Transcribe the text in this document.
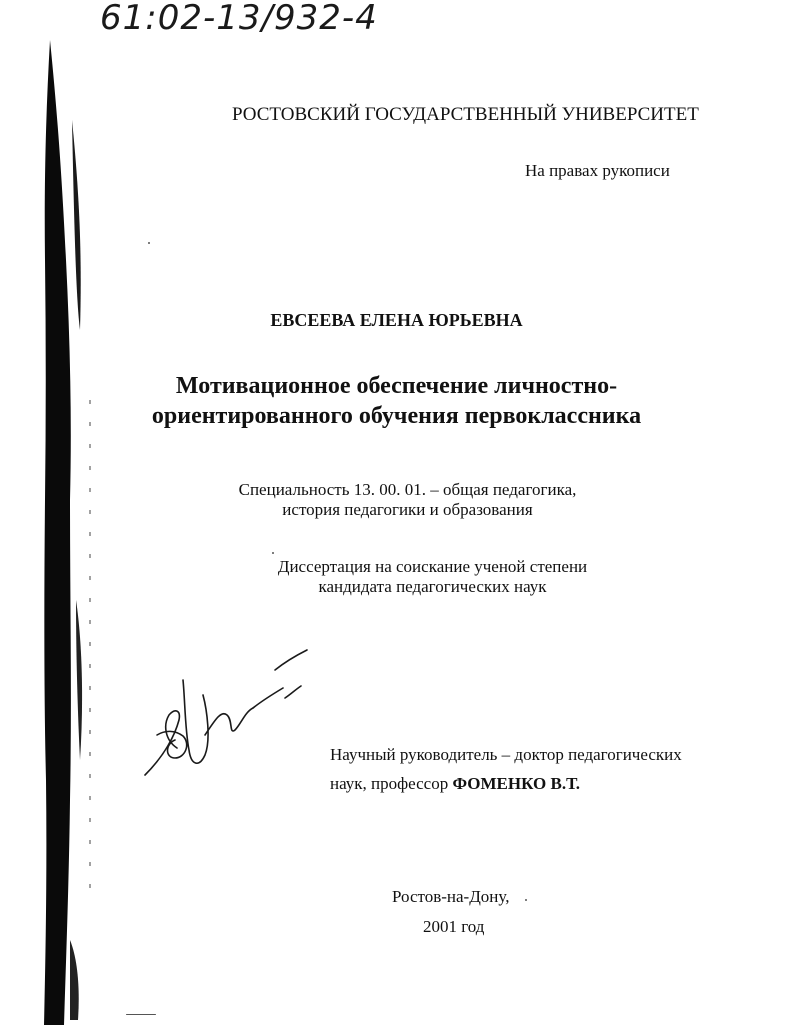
61:02-13/932-4
РОСТОВСКИЙ ГОСУДАРСТВЕННЫЙ УНИВЕРСИТЕТ
На правах рукописи
ЕВСЕЕВА ЕЛЕНА ЮРЬЕВНА
Мотивационное обеспечение личностно-
ориентированного обучения первоклассника
Специальность 13. 00. 01. – общая педагогика,
история педагогики и образования
Диссертация на соискание ученой степени
кандидата педагогических наук
Научный руководитель – доктор педагогических
наук, профессор ФОМЕНКО В.Т.
Ростов-на-Дону,
2001 год
